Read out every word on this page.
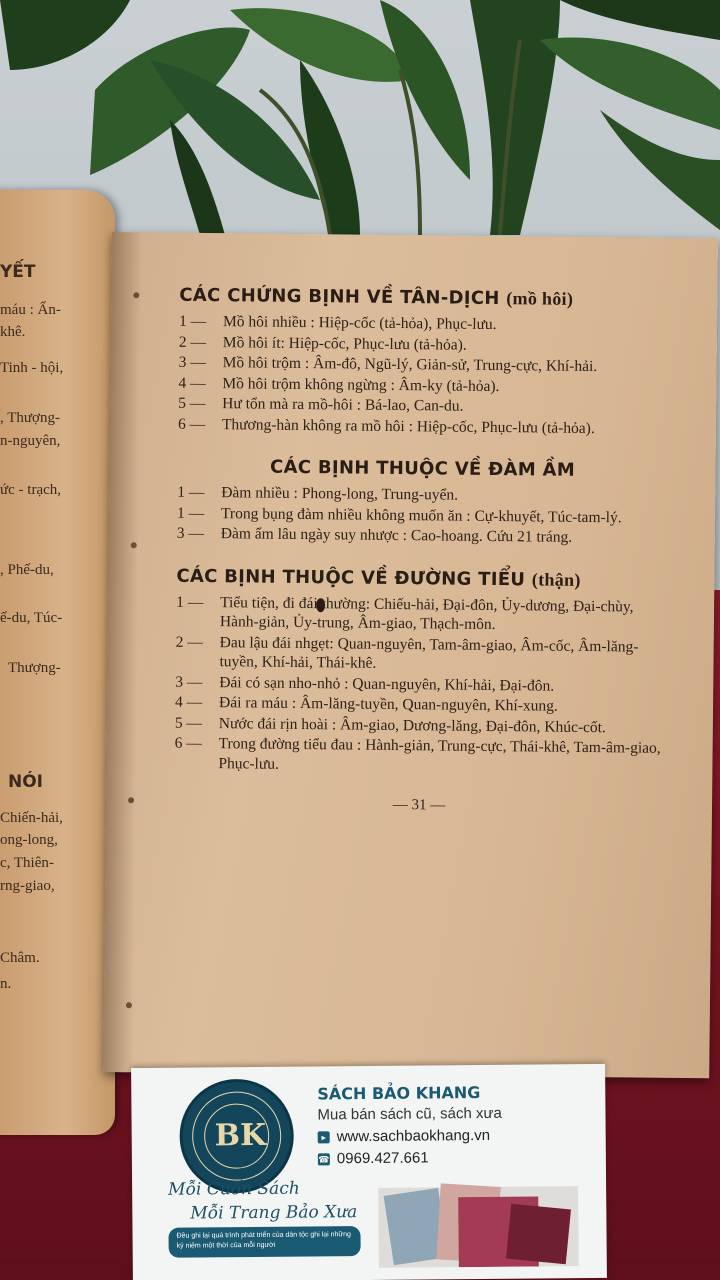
YẾT
máu : Ẩn-
khê.
Tinh - hội,
, Thượng-
n-nguyên,
ức - trạch,
, Phế-du,
ế-du, Túc-
Thượng-
NÓI
Chiến-hải,
ong-long,
c, Thiên-
rng-giao,
Châm.
n.
CÁC CHỨNG BỊNH VỀ TÂN-DỊCH (mồ hôi)
1 —	Mồ hôi nhiều : Hiệp-cốc (tả-hỏa), Phục-lưu.
2 —	Mồ hôi ít: Hiệp-cốc, Phục-lưu (tả-hỏa).
3 —	Mồ hôi trộm : Âm-đô, Ngũ-lý, Giản-sử, Trung-cực, Khí-hải.
4 —	Mồ hôi trộm không ngừng : Âm-ky (tả-hỏa).
5 —	Hư tổn mà ra mồ-hôi : Bá-lao, Can-du.
6 —	Thương-hàn không ra mồ hôi : Hiệp-cốc, Phục-lưu (tả-hỏa).
CÁC BỊNH THUỘC VỀ ĐÀM ẦM
1 —	Đàm nhiều : Phong-long, Trung-uyển.
1 —	Trong bụng đàm nhiều không muốn ăn : Cự-khuyết, Túc-tam-lý.
3 —	Đàm ẩm lâu ngày suy nhược : Cao-hoang. Cứu 21 tráng.
CÁC BỊNH THUỘC VỀ ĐƯỜNG TIỂU (thận)
1 —	Tiểu tiện, đi đái thường: Chiếu-hải, Đại-đôn, Ủy-dương, Đại-chùy, Hành-giản, Ủy-trung, Âm-giao, Thạch-môn.
2 —	Đau lậu đái nhgẹt: Quan-nguyên, Tam-âm-giao, Âm-cốc, Âm-lăng-tuyền, Khí-hải, Thái-khê.
3 —	Đái có sạn nho-nhỏ : Quan-nguyên, Khí-hải, Đại-đôn.
4 —	Đái ra máu : Âm-lăng-tuyền, Quan-nguyên, Khí-xung.
5 —	Nước đái rịn hoài : Âm-giao, Dương-lăng, Đại-đôn, Khúc-cốt.
6 —	Trong đường tiểu đau : Hành-giản, Trung-cực, Thái-khê, Tam-âm-giao, Phục-lưu.
— 31 —
BK
SÁCH BẢO KHANG
Mua bán sách cũ, sách xưa
▸ www.sachbaokhang.vn
☎ 0969.427.661
Mỗi Cuốn Sách
Mỗi Trang Bảo Xưa
Đều ghi lại quá trình phát triển của dân tộc ghi lại những kỷ niệm một thời của mỗi người
